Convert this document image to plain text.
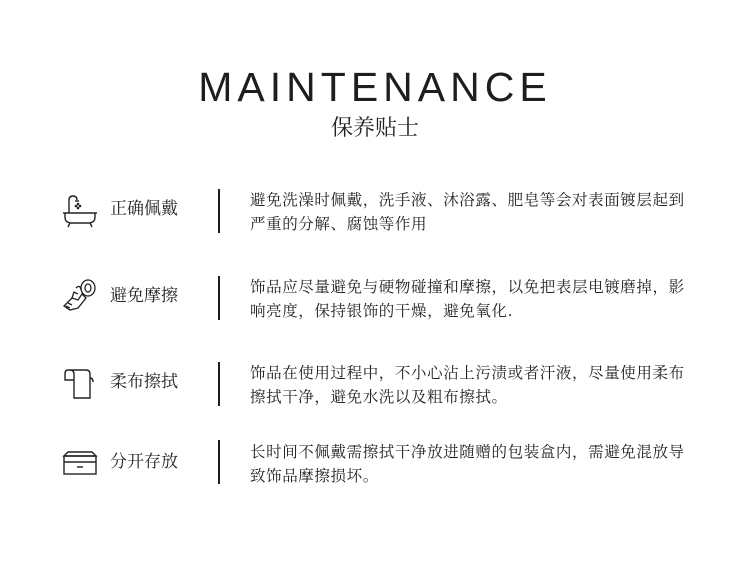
MAINTENANCE
保养贴士
正确佩戴	避免洗澡时佩戴，洗手液、沐浴露、肥皂等会对表面镀层起到严重的分解、腐蚀等作用
避免摩擦	饰品应尽量避免与硬物碰撞和摩擦，以免把表层电镀磨掉，影响亮度，保持银饰的干燥，避免氧化.
柔布擦拭	饰品在使用过程中，不小心沾上污渍或者汗液，尽量使用柔布擦拭干净，避免水洗以及粗布擦拭。
分开存放	长时间不佩戴需擦拭干净放进随赠的包装盒内，需避免混放导致饰品摩擦损坏。
